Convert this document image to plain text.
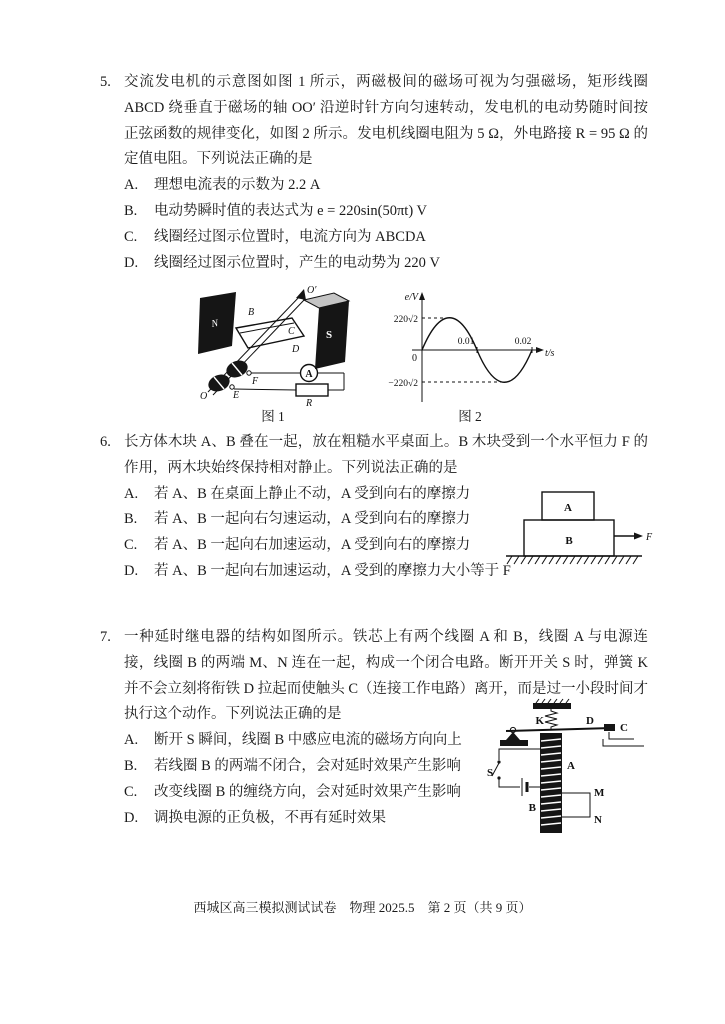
5. 交流发电机的示意图如图 1 所示，两磁极间的磁场可视为匀强磁场，矩形线圈 ABCD 绕垂直于磁场的轴 OO′ 沿逆时针方向匀速转动，发电机的电动势随时间按正弦函数的规律变化，如图 2 所示。发电机线圈电阻为 5 Ω，外电路接 R = 95 Ω 的定值电阻。下列说法正确的是
A.	理想电流表的示数为 2.2 A
B.	电动势瞬时值的表达式为 e = 220sin(50πt) V
C.	线圈经过图示位置时，电流方向为 ABCDA
D.	线圈经过图示位置时，产生的电动势为 220 V
N
S
B
C
D
O′
F
E
O
A
R
图 1
e/V
t/s
0
220√2
−220√2
0.01	0.02
图 2
6. 长方体木块 A、B 叠在一起，放在粗糙水平桌面上。B 木块受到一个水平恒力 F 的作用，两木块始终保持相对静止。下列说法正确的是
A.	若 A、B 在桌面上静止不动，A 受到向右的摩擦力
B.	若 A、B 一起向右匀速运动，A 受到向右的摩擦力
C.	若 A、B 一起向右加速运动，A 受到向右的摩擦力
D.	若 A、B 一起向右加速运动，A 受到的摩擦力大小等于 F
A
B	F
7. 一种延时继电器的结构如图所示。铁芯上有两个线圈 A 和 B，线圈 A 与电源连接，线圈 B 的两端 M、N 连在一起，构成一个闭合电路。断开开关 S 时，弹簧 K 并不会立刻将衔铁 D 拉起而使触头 C（连接工作电路）离开，而是过一小段时间才执行这个动作。下列说法正确的是
A.	断开 S 瞬间，线圈 B 中感应电流的磁场方向向上
B.	若线圈 B 的两端不闭合，会对延时效果产生影响
C.	改变线圈 B 的缠绕方向，会对延时效果产生影响
D.	调换电源的正负极，不再有延时效果
K	D
C
A
B
S
M
N
西城区高三模拟测试试卷　物理 2025.5　第 2 页（共 9 页）
